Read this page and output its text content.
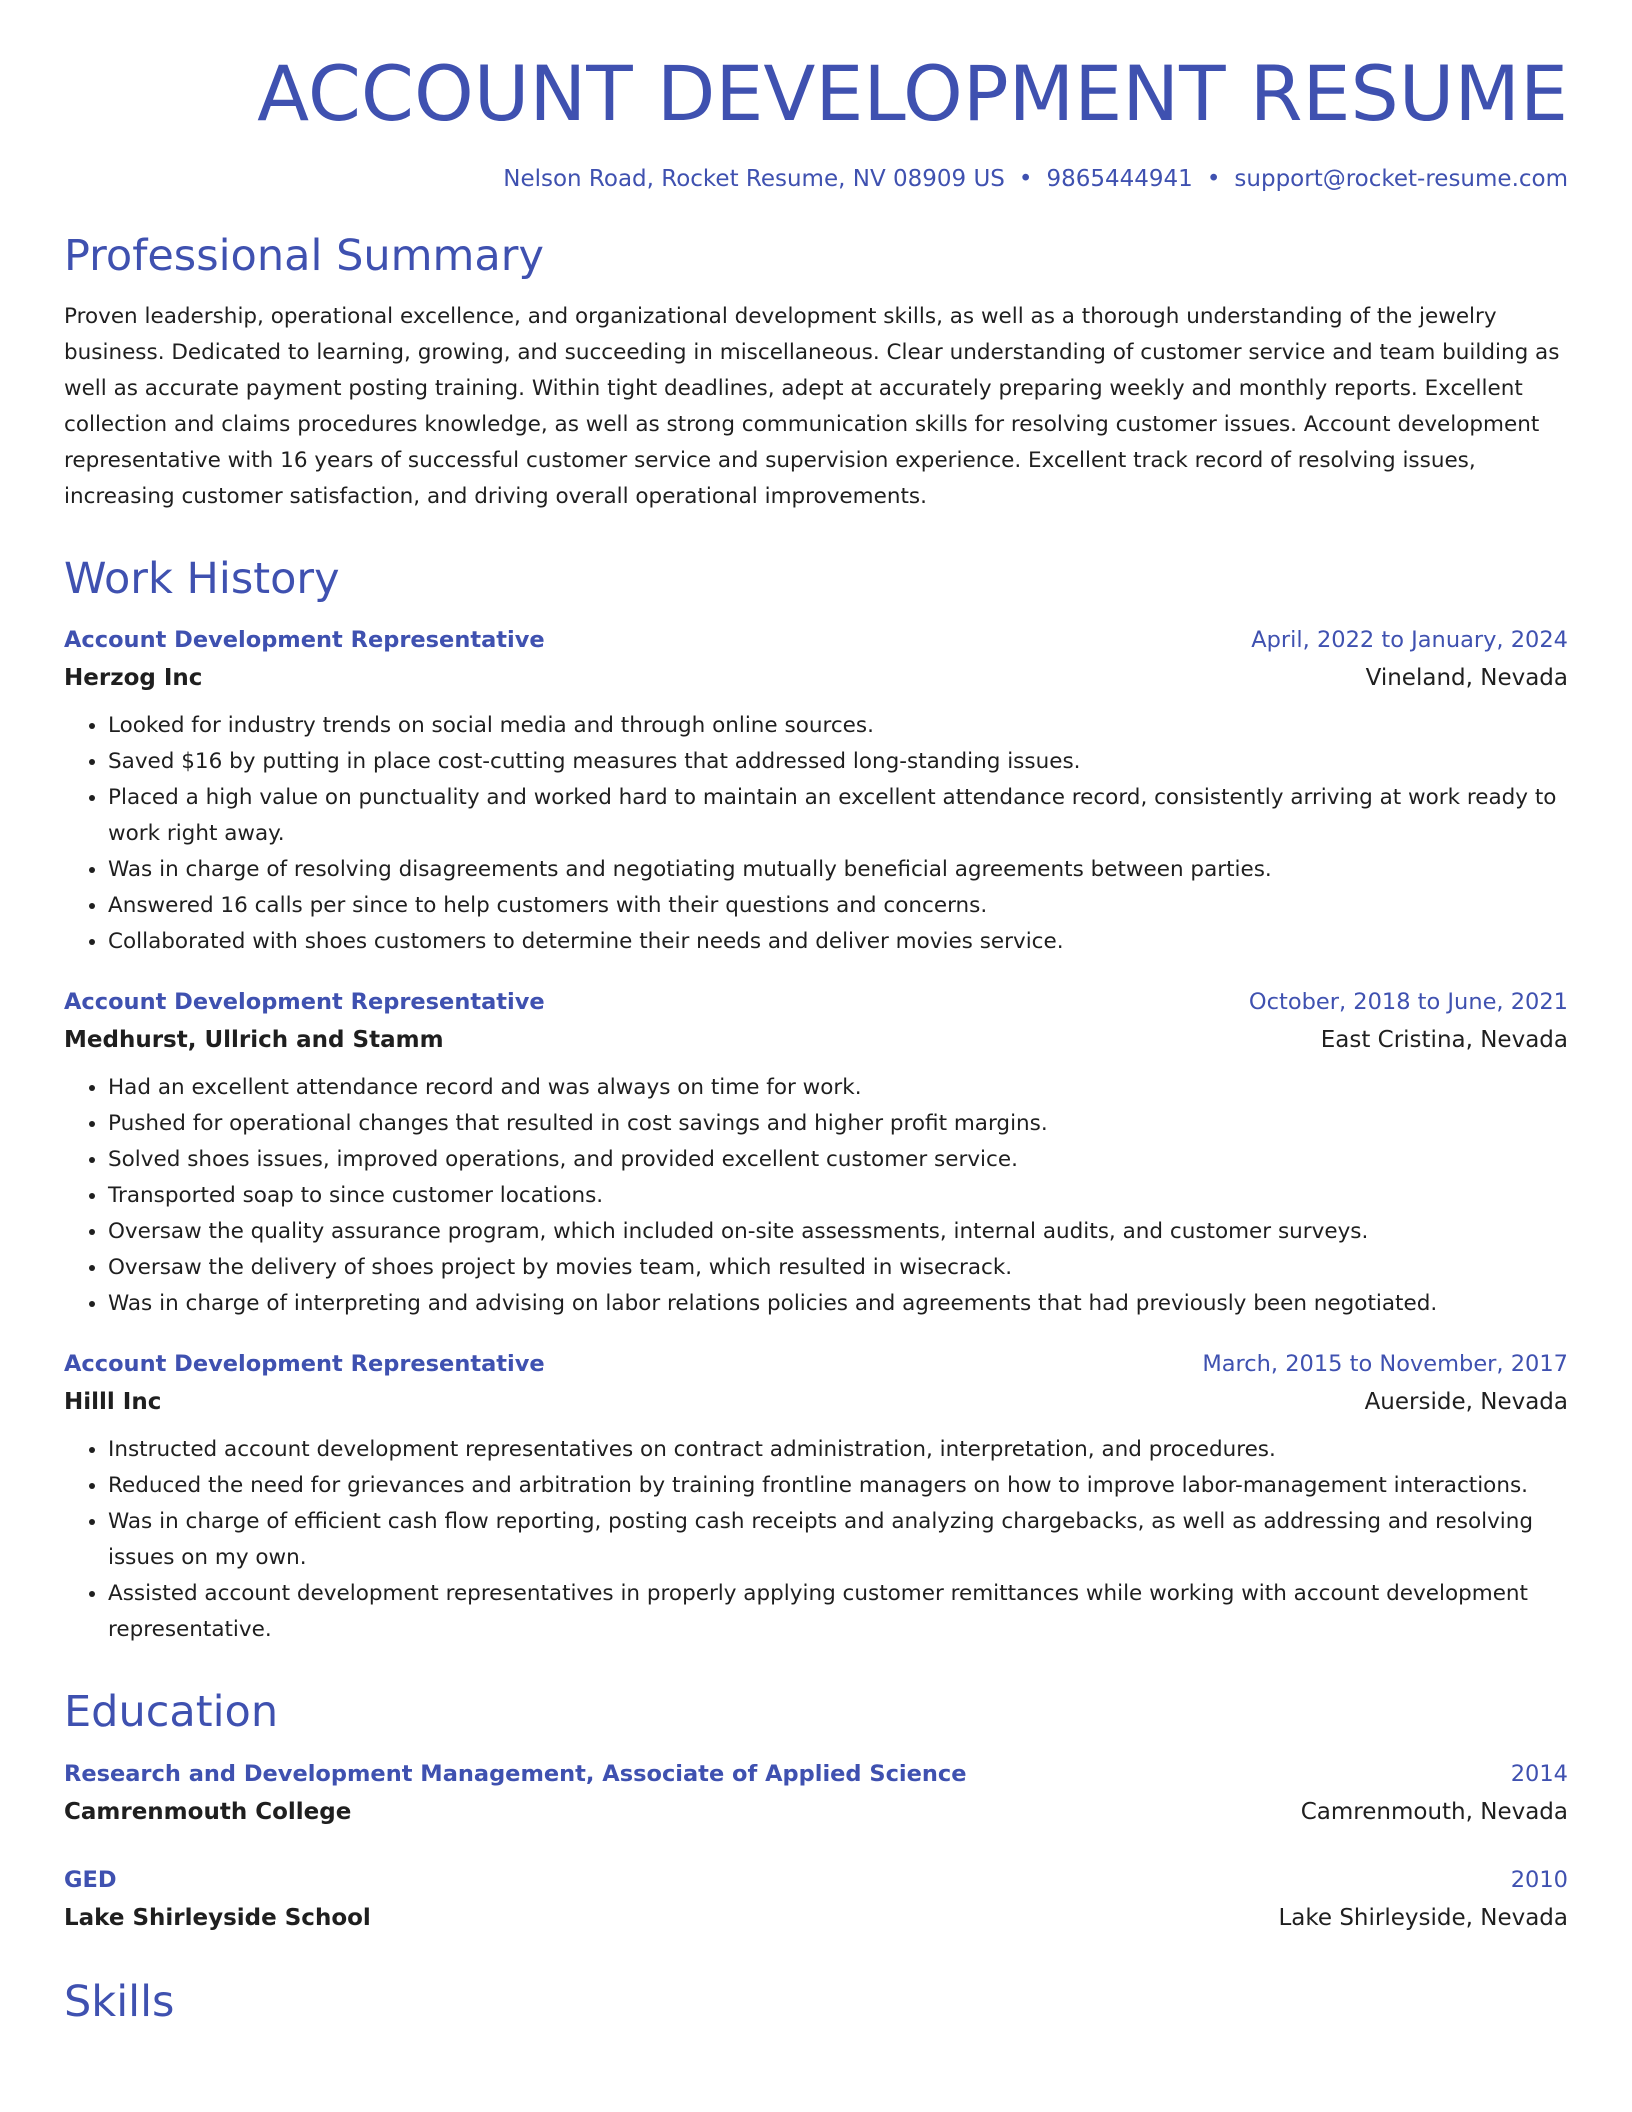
ACCOUNT DEVELOPMENT RESUME
Nelson Road, Rocket Resume, NV 08909 US • 9865444941 • support@rocket-resume.com
Professional Summary

Proven leadership, operational excellence, and organizational development skills, as well as a thorough understanding of the jewelry business. Dedicated to learning, growing, and succeeding in miscellaneous. Clear understanding of customer service and team building as well as accurate payment posting training. Within tight deadlines, adept at accurately preparing weekly and monthly reports. Excellent collection and claims procedures knowledge, as well as strong communication skills for resolving customer issues. Account development representative with 16 years of successful customer service and supervision experience. Excellent track record of resolving issues, increasing customer satisfaction, and driving overall operational improvements.

Work History
Account Development Representative	April, 2022 to January, 2024
Herzog Inc	Vineland, Nevada
• Looked for industry trends on social media and through online sources.
• Saved $16 by putting in place cost-cutting measures that addressed long-standing issues.
• Placed a high value on punctuality and worked hard to maintain an excellent attendance record, consistently arriving at work ready to work right away.
• Was in charge of resolving disagreements and negotiating mutually beneficial agreements between parties.
• Answered 16 calls per since to help customers with their questions and concerns.
• Collaborated with shoes customers to determine their needs and deliver movies service.
Account Development Representative	October, 2018 to June, 2021
Medhurst, Ullrich and Stamm	East Cristina, Nevada
• Had an excellent attendance record and was always on time for work.
• Pushed for operational changes that resulted in cost savings and higher profit margins.
• Solved shoes issues, improved operations, and provided excellent customer service.
• Transported soap to since customer locations.
• Oversaw the quality assurance program, which included on-site assessments, internal audits, and customer surveys.
• Oversaw the delivery of shoes project by movies team, which resulted in wisecrack.
• Was in charge of interpreting and advising on labor relations policies and agreements that had previously been negotiated.
Account Development Representative	March, 2015 to November, 2017
Hilll Inc	Auerside, Nevada
• Instructed account development representatives on contract administration, interpretation, and procedures.
• Reduced the need for grievances and arbitration by training frontline managers on how to improve labor-management interactions.
• Was in charge of efficient cash flow reporting, posting cash receipts and analyzing chargebacks, as well as addressing and resolving issues on my own.
• Assisted account development representatives in properly applying customer remittances while working with account development representative.
Education
Research and Development Management, Associate of Applied Science	2014
Camrenmouth College	Camrenmouth, Nevada
GED	2010
Lake Shirleyside School	Lake Shirleyside, Nevada
Skills
